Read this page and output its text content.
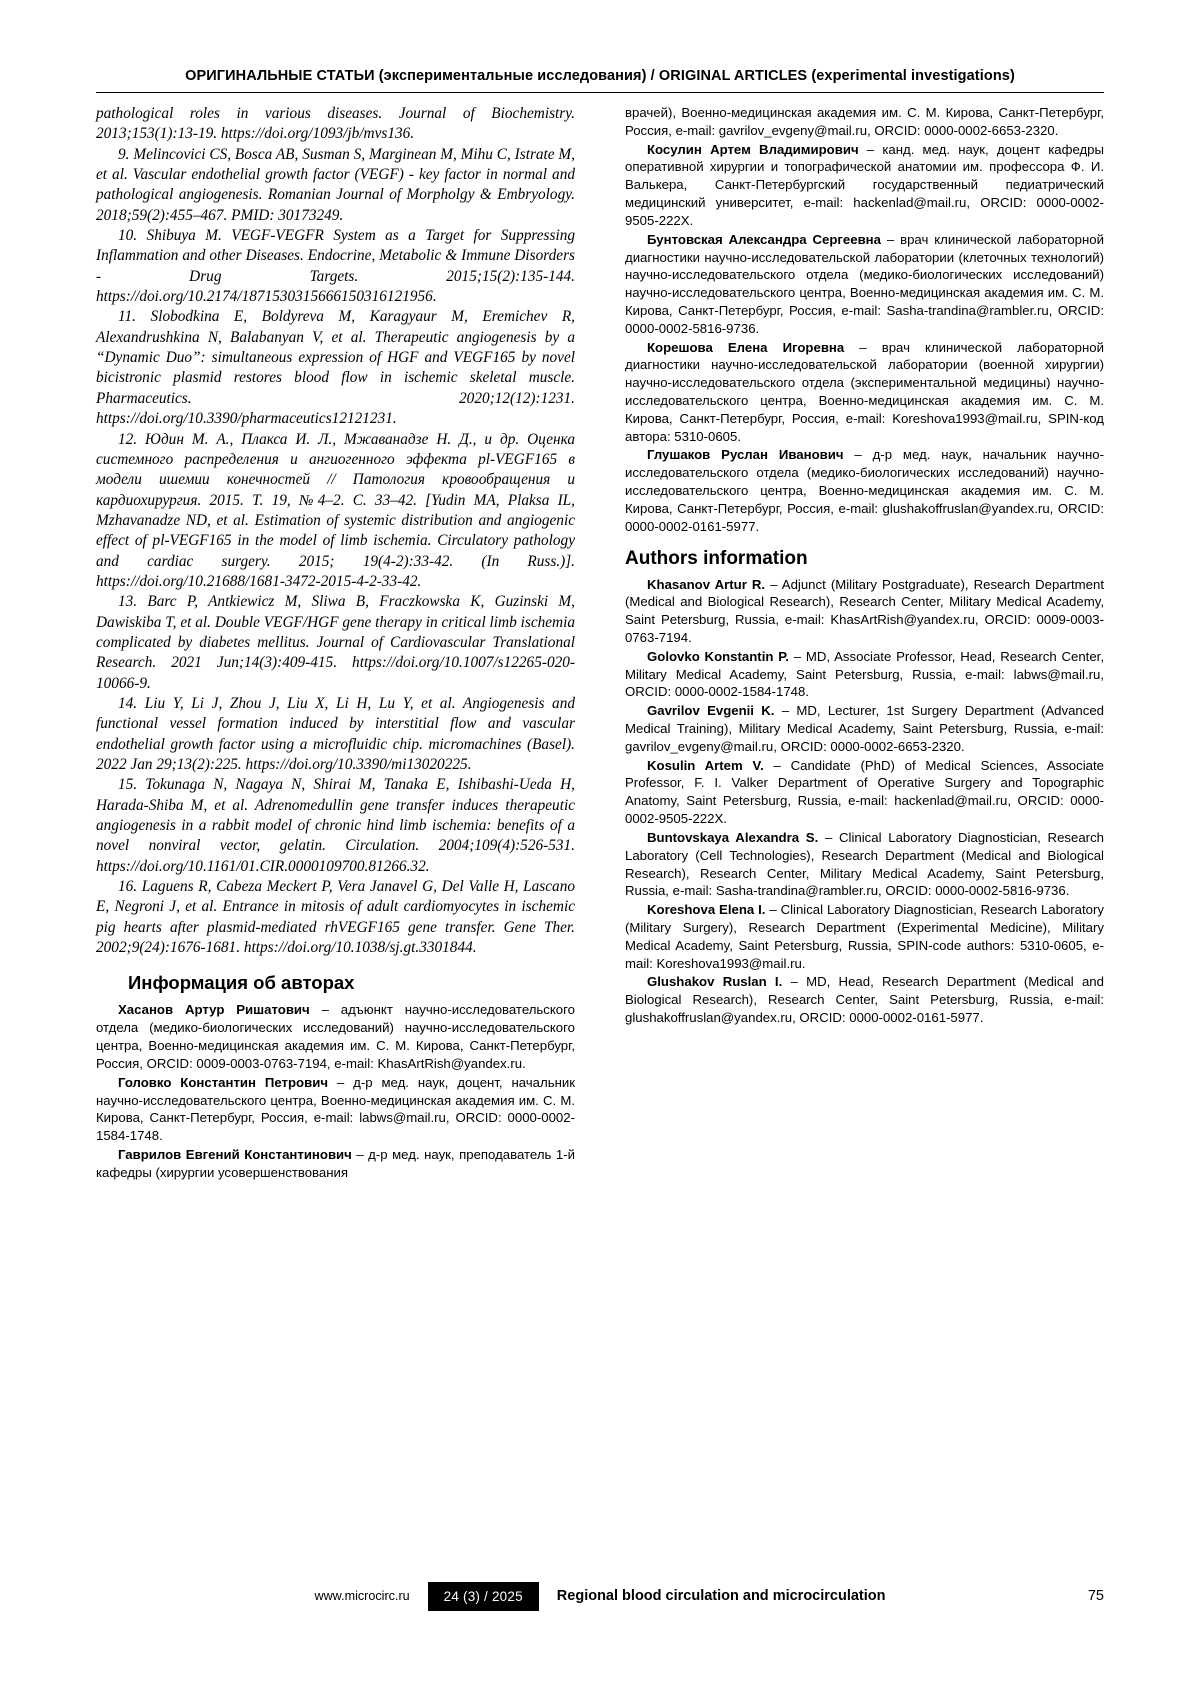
ОРИГИНАЛЬНЫЕ СТАТЬИ (экспериментальные исследования) / ORIGINAL ARTICLES (experimental investigations)

pathological roles in various diseases. Journal of Biochemistry. 2013;153(1):13-19. https://doi.org/1093/jb/mvs136.

9. Melincovici CS, Bosca AB, Susman S, Marginean M, Mihu C, Istrate M, et al. Vascular endothelial growth factor (VEGF) - key factor in normal and pathological angiogenesis. Romanian Journal of Morpholgy & Embryology. 2018;59(2):455–467. PMID: 30173249.

10. Shibuya M. VEGF-VEGFR System as a Target for Suppressing Inflammation and other Diseases. Endocrine, Metabolic & Immune Disorders - Drug Targets. 2015;15(2):135-144. https://doi.org/10.2174/1871530315666150316121956.

11. Slobodkina E, Boldyreva M, Karagyaur M, Eremichev R, Alexandrushkina N, Balabanyan V, et al. Therapeutic angiogenesis by a “Dynamic Duo”: simultaneous expression of HGF and VEGF165 by novel bicistronic plasmid restores blood flow in ischemic skeletal muscle. Pharmaceutics. 2020;12(12):1231. https://doi.org/10.3390/pharmaceutics12121231.

12. Юдин М. А., Плакса И. Л., Мжаванадзе Н. Д., и др. Оценка системного распределения и ангиогенного эффекта pl-VEGF165 в модели ишемии конечностей // Патология кровообращения и кардиохирургия. 2015. Т. 19, №4–2. С. 33–42. [Yudin MA, Plaksa IL, Mzhavanadze ND, et al. Estimation of systemic distribution and angiogenic effect of pl-VEGF165 in the model of limb ischemia. Circulatory pathology and cardiac surgery. 2015; 19(4-2):33-42. (In Russ.)]. https://doi.org/10.21688/1681-3472-2015-4-2-33-42.

13. Barc P, Antkiewicz M, Sliwa B, Fraczkowska K, Guzinski M, Dawiskiba T, et al. Double VEGF/HGF gene therapy in critical limb ischemia complicated by diabetes mellitus. Journal of Cardiovascular Translational Research. 2021 Jun;14(3):409-415. https://doi.org/10.1007/s12265-020-10066-9.

14. Liu Y, Li J, Zhou J, Liu X, Li H, Lu Y, et al. Angiogenesis and functional vessel formation induced by interstitial flow and vascular endothelial growth factor using a microfluidic chip. micromachines (Basel). 2022 Jan 29;13(2):225. https://doi.org/10.3390/mi13020225.

15. Tokunaga N, Nagaya N, Shirai M, Tanaka E, Ishibashi-Ueda H, Harada-Shiba M, et al. Adrenomedullin gene transfer induces therapeutic angiogenesis in a rabbit model of chronic hind limb ischemia: benefits of a novel nonviral vector, gelatin. Circulation. 2004;109(4):526-531. https://doi.org/10.1161/01.CIR.0000109700.81266.32.

16. Laguens R, Cabeza Meckert P, Vera Janavel G, Del Valle H, Lascano E, Negroni J, et al. Entrance in mitosis of adult cardiomyocytes in ischemic pig hearts after plasmid-mediated rhVEGF165 gene transfer. Gene Ther. 2002;9(24):1676-1681. https://doi.org/10.1038/sj.gt.3301844.

Информация об авторах

Хасанов Артур Ришатович – адъюнкт научно-исследовательского отдела (медико-биологических исследований) научно-исследовательского центра, Военно-медицинская академия им. С. М. Кирова, Санкт-Петербург, Россия, ORCID: 0009-0003-0763-7194, e-mail: KhasArtRish@yandex.ru.

Головко Константин Петрович – д-р мед. наук, доцент, начальник научно-исследовательского центра, Военно-медицинская академия им. С. М. Кирова, Санкт-Петербург, Россия, e-mail: labws@mail.ru, ORCID: 0000-0002-1584-1748.

Гаврилов Евгений Константинович – д-р мед. наук, преподаватель 1-й кафедры (хирургии усовершенствования

врачей), Военно-медицинская академия им. С. М. Кирова, Санкт-Петербург, Россия, e-mail: gavrilov_evgeny@mail.ru, ORCID: 0000-0002-6653-2320.

Косулин Артем Владимирович – канд. мед. наук, доцент кафедры оперативной хирургии и топографической анатомии им. профессора Ф. И. Валькера, Санкт-Петербургский государственный педиатрический медицинский университет, e-mail: hackenlad@mail.ru, ORCID: 0000-0002-9505-222X.

Бунтовская Александра Сергеевна – врач клинической лабораторной диагностики научно-исследовательской лаборатории (клеточных технологий) научно-исследовательского отдела (медико-биологических исследований) научно-исследовательского центра, Военно-медицинская академия им. С. М. Кирова, Санкт-Петербург, Россия, e-mail: Sasha-trandina@rambler.ru, ORCID: 0000-0002-5816-9736.

Корешова Елена Игоревна – врач клинической лабораторной диагностики научно-исследовательской лаборатории (военной хирургии) научно-исследовательского отдела (экспериментальной медицины) научно-исследовательского центра, Военно-медицинская академия им. С. М. Кирова, Санкт-Петербург, Россия, e-mail: Koreshova1993@mail.ru, SPIN-код автора: 5310-0605.

Глушаков Руслан Иванович – д-р мед. наук, начальник научно-исследовательского отдела (медико-биологических исследований) научно-исследовательского центра, Военно-медицинская академия им. С. М. Кирова, Санкт-Петербург, Россия, e-mail: glushakoffruslan@yandex.ru, ORCID: 0000-0002-0161-5977.

Authors information

Khasanov Artur R. – Adjunct (Military Postgraduate), Research Department (Medical and Biological Research), Research Center, Military Medical Academy, Saint Petersburg, Russia, e-mail: KhasArtRish@yandex.ru, ORCID: 0009-0003-0763-7194.

Golovko Konstantin P. – MD, Associate Professor, Head, Research Center, Military Medical Academy, Saint Petersburg, Russia, e-mail: labws@mail.ru, ORCID: 0000-0002-1584-1748.

Gavrilov Evgenii K. – MD, Lecturer, 1st Surgery Department (Advanced Medical Training), Military Medical Academy, Saint Petersburg, Russia, e-mail: gavrilov_evgeny@mail.ru, ORCID: 0000-0002-6653-2320.

Kosulin Artem V. – Candidate (PhD) of Medical Sciences, Associate Professor, F. I. Valker Department of Operative Surgery and Topographic Anatomy, Saint Petersburg, Russia, e-mail: hackenlad@mail.ru, ORCID: 0000-0002-9505-222X.

Buntovskaya Alexandra S. – Clinical Laboratory Diagnostician, Research Laboratory (Cell Technologies), Research Department (Medical and Biological Research), Research Center, Military Medical Academy, Saint Petersburg, Russia, e-mail: Sasha-trandina@rambler.ru, ORCID: 0000-0002-5816-9736.

Koreshova Elena I. – Clinical Laboratory Diagnostician, Research Laboratory (Military Surgery), Research Department (Experimental Medicine), Military Medical Academy, Saint Petersburg, Russia, SPIN-code authors: 5310-0605, e-mail: Koreshova1993@mail.ru.

Glushakov Ruslan I. – MD, Head, Research Department (Medical and Biological Research), Research Center, Saint Petersburg, Russia, e-mail: glushakoffruslan@yandex.ru, ORCID: 0000-0002-0161-5977.

www.microcirc.ru	24 (3) / 2025	Regional blood circulation and microcirculation	75
